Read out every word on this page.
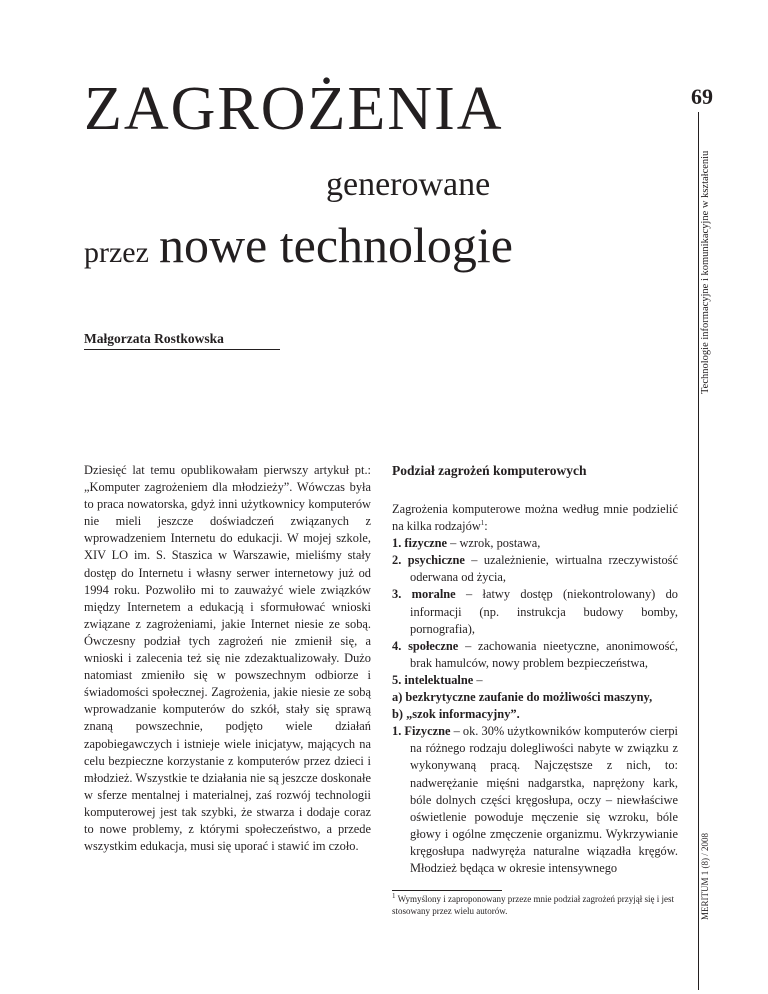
ZAGROŻENIA
generowane
przez nowe technologie
Małgorzata Rostkowska
69
Technologie informacyjne i komunikacyjne w kształceniu
MERITUM 1 (8) / 2008
Dziesięć lat temu opublikowałam pierwszy artykuł pt.: „Komputer zagrożeniem dla młodzieży”. Wówczas była to praca nowatorska, gdyż inni użytkownicy komputerów nie mieli jeszcze doświadczeń związanych z wprowadzeniem Internetu do edukacji. W mojej szkole, XIV LO im. S. Staszica w Warszawie, mieliśmy stały dostęp do Internetu i własny serwer internetowy już od 1994 roku. Pozwoliło mi to zauważyć wiele związków między Internetem a edukacją i sformułować wnioski związane z zagrożeniami, jakie Internet niesie ze sobą. Ówczesny podział tych zagrożeń nie zmienił się, a wnioski i zalecenia też się nie zdezaktualizowały. Dużo natomiast zmieniło się w powszechnym odbiorze i świadomości społecznej. Zagrożenia, jakie niesie ze sobą wprowadzanie komputerów do szkół, stały się sprawą znaną powszechnie, podjęto wiele działań zapobiegawczych i istnieje wiele inicjatyw, mających na celu bezpieczne korzystanie z komputerów przez dzieci i młodzież. Wszystkie te działania nie są jeszcze doskonałe w sferze mentalnej i materialnej, zaś rozwój technologii komputerowej jest tak szybki, że stwarza i dodaje coraz to nowe problemy, z którymi społeczeństwo, a przede wszystkim edukacja, musi się uporać i stawić im czoło.
Podział zagrożeń komputerowych

Zagrożenia komputerowe można według mnie podzielić na kilka rodzajów$^1$:

1. fizyczne – wzrok, postawa,
2. psychiczne – uzależnienie, wirtualna rzeczywistość oderwana od życia,
3. moralne – łatwy dostęp (niekontrolowany) do informacji (np. instrukcja budowy bomby, pornografia),
4. społeczne – zachowania nieetyczne, anonimowość, brak hamulców, nowy problem bezpieczeństwa,
5. intelektualne –
a) bezkrytyczne zaufanie do możliwości maszyny,
b) „szok informacyjny”.

1. Fizyczne – ok. 30% użytkowników komputerów cierpi na różnego rodzaju dolegliwości nabyte w związku z wykonywaną pracą. Najczęstsze z nich, to: nadwerężanie mięśni nadgarstka, naprężony kark, bóle dolnych części kręgosłupa, oczy – niewłaściwe oświetlenie powoduje męczenie się wzroku, bóle głowy i ogólne zmęczenie organizmu. Wykrzywianie kręgosłupa nadwyręża naturalne wiązadła kręgów. Młodzież będąca w okresie intensywnego

$^1$ Wymyślony i zaproponowany przeze mnie podział zagrożeń przyjął się i jest stosowany przez wielu autorów.
